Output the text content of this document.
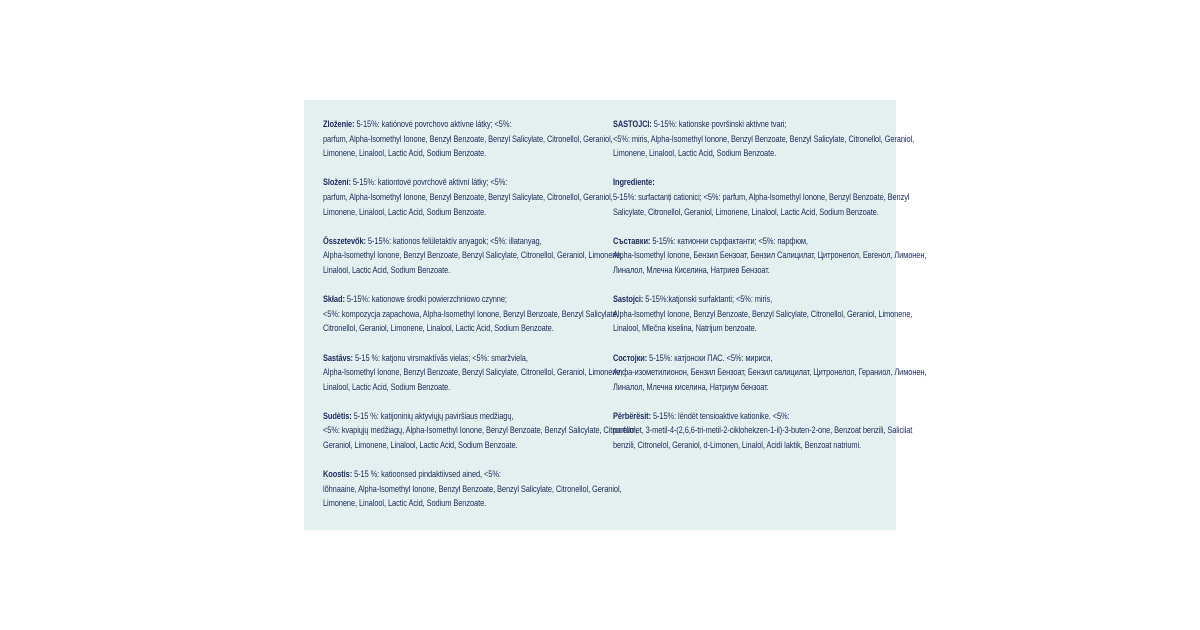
Zloženie: 5-15%: katiónové povrchovo aktívne látky; <5%:
parfum, Alpha-Isomethyl Ionone, Benzyl Benzoate, Benzyl Salicylate, Citronellol, Geraniol,
Limonene, Linalool, Lactic Acid, Sodium Benzoate.
Složení: 5-15%: kationtové povrchově aktivní látky; <5%:
parfum, Alpha-Isomethyl Ionone, Benzyl Benzoate, Benzyl Salicylate, Citronellol, Geraniol,
Limonene, Linalool, Lactic Acid, Sodium Benzoate.
Összetevők: 5-15%: kationos felületaktív anyagok; <5%: illatanyag,
Alpha-Isomethyl Ionone, Benzyl Benzoate, Benzyl Salicylate, Citronellol, Geraniol, Limonene,
Linalool, Lactic Acid, Sodium Benzoate.
Skład: 5-15%: kationowe środki powierzchniowo czynne;
<5%: kompozycja zapachowa, Alpha-Isomethyl Ionone, Benzyl Benzoate, Benzyl Salicylate,
Citronellol, Geraniol, Limonene, Linalool, Lactic Acid, Sodium Benzoate.
Sastāvs: 5-15 %: katjonu virsmaktīvās vielas; <5%: smaržviela,
Alpha-Isomethyl Ionone, Benzyl Benzoate, Benzyl Salicylate, Citronellol, Geraniol, Limonene,
Linalool, Lactic Acid, Sodium Benzoate.
Sudėtis: 5-15 %: katijoninių aktyviųjų paviršiaus medžiagų,
<5%: kvapiųjų medžiagų, Alpha-Isomethyl Ionone, Benzyl Benzoate, Benzyl Salicylate, Citronellol,
Geraniol, Limonene, Linalool, Lactic Acid, Sodium Benzoate.
Koostis: 5-15 %: katioonsed pindaktiivsed ained, <5%:
lõhnaaine, Alpha-Isomethyl Ionone, Benzyl Benzoate, Benzyl Salicylate, Citronellol, Geraniol,
Limonene, Linalool, Lactic Acid, Sodium Benzoate.
SASTOJCI: 5-15%: kationske površinski aktivne tvari;
<5%: miris, Alpha-Isomethyl Ionone, Benzyl Benzoate, Benzyl Salicylate, Citronellol, Geraniol,
Limonene, Linalool, Lactic Acid, Sodium Benzoate.
Ingrediente:
5-15%: surfactanți cationici; <5%: parfum, Alpha-Isomethyl Ionone, Benzyl Benzoate, Benzyl
Salicylate, Citronellol, Geraniol, Limonene, Linalool, Lactic Acid, Sodium Benzoate.
Съставки: 5-15%: катионни сърфактанти; <5%: парфюм,
Alpha-Isomethyl Ionone, Бензил Бензоат, Бензил Салицилат, Цитронелол, Евгенол, Лимонен,
Линалол, Млечна Киселина, Натриев Бензоат.
Sastojci: 5-15%:katjonski surfaktanti; <5%: miris,
Alpha-Isomethyl Ionone, Benzyl Benzoate, Benzyl Salicylate, Citronellol, Geraniol, Limonene,
Linalool, Mlečna kiselina, Natrijum benzoate.
Состојки: 5-15%: катјонски ПАС. <5%: мириси,
Алфа-изометилионон, Бензил Бензоат, Бензил салицилат, Цитронелол, Гераниол, Лимонен,
Линалол, Млечна киселина, Натриум бензоат.
Përbërësit: 5-15%: lëndët tensioaktive kationike. <5%:
parfumet, 3-metil-4-(2,6,6-tri-metil-2-ciklohekzen-1-il)-3-buten-2-one, Benzoat benzili, Salicilat
benzili, Citronelol, Geraniol, d-Limonen, Linalol, Acidi laktik, Benzoat natriumi.
